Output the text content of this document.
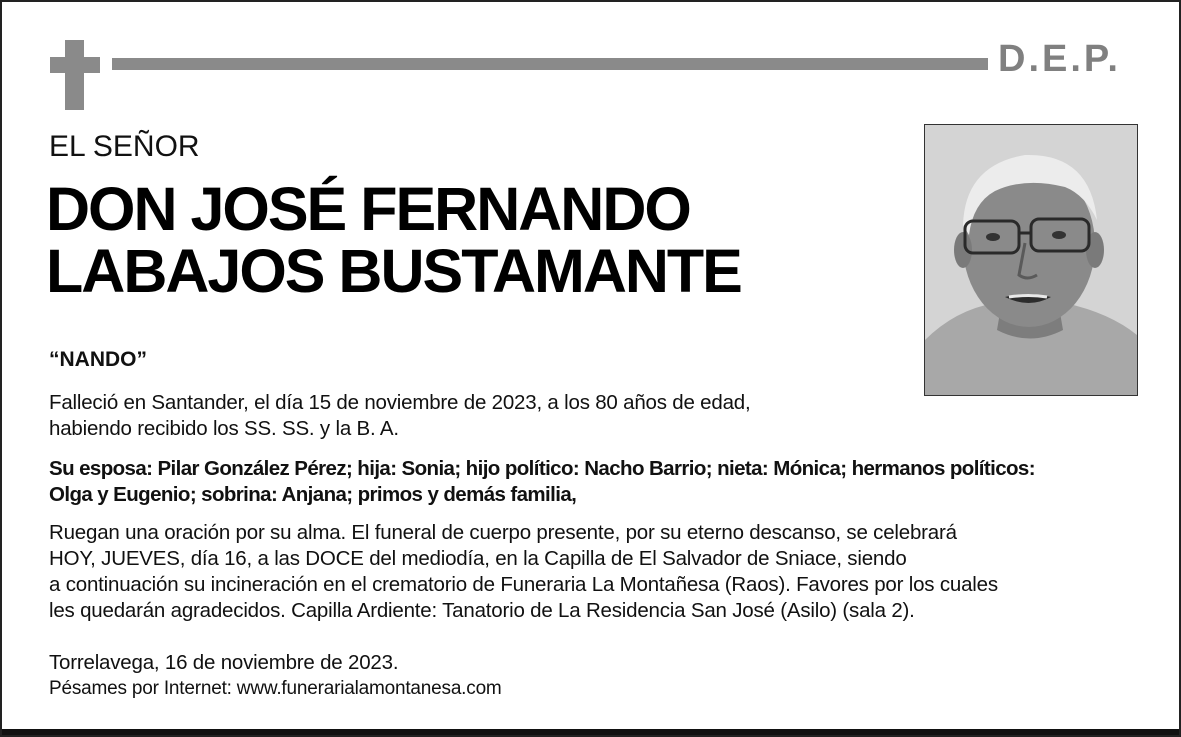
D.E.P.
EL SEÑOR
DON JOSÉ FERNANDO
LABAJOS BUSTAMANTE
“NANDO”
Falleció en Santander, el día 15 de noviembre de 2023, a los 80 años de edad,
habiendo recibido los SS. SS. y la B. A.
Su esposa: Pilar González Pérez; hija: Sonia; hijo político: Nacho Barrio; nieta: Mónica; hermanos políticos:
Olga y Eugenio; sobrina: Anjana; primos y demás familia,
Ruegan una oración por su alma. El funeral de cuerpo presente, por su eterno descanso, se celebrará
HOY, JUEVES, día 16, a las DOCE del mediodía, en la Capilla de El Salvador de Sniace, siendo
a continuación su incineración en el crematorio de Funeraria La Montañesa (Raos). Favores por los cuales
les quedarán agradecidos. Capilla Ardiente: Tanatorio de La Residencia San José (Asilo) (sala 2).
Torrelavega, 16 de noviembre de 2023.
Pésames por Internet: www.funerarialamontanesa.com
